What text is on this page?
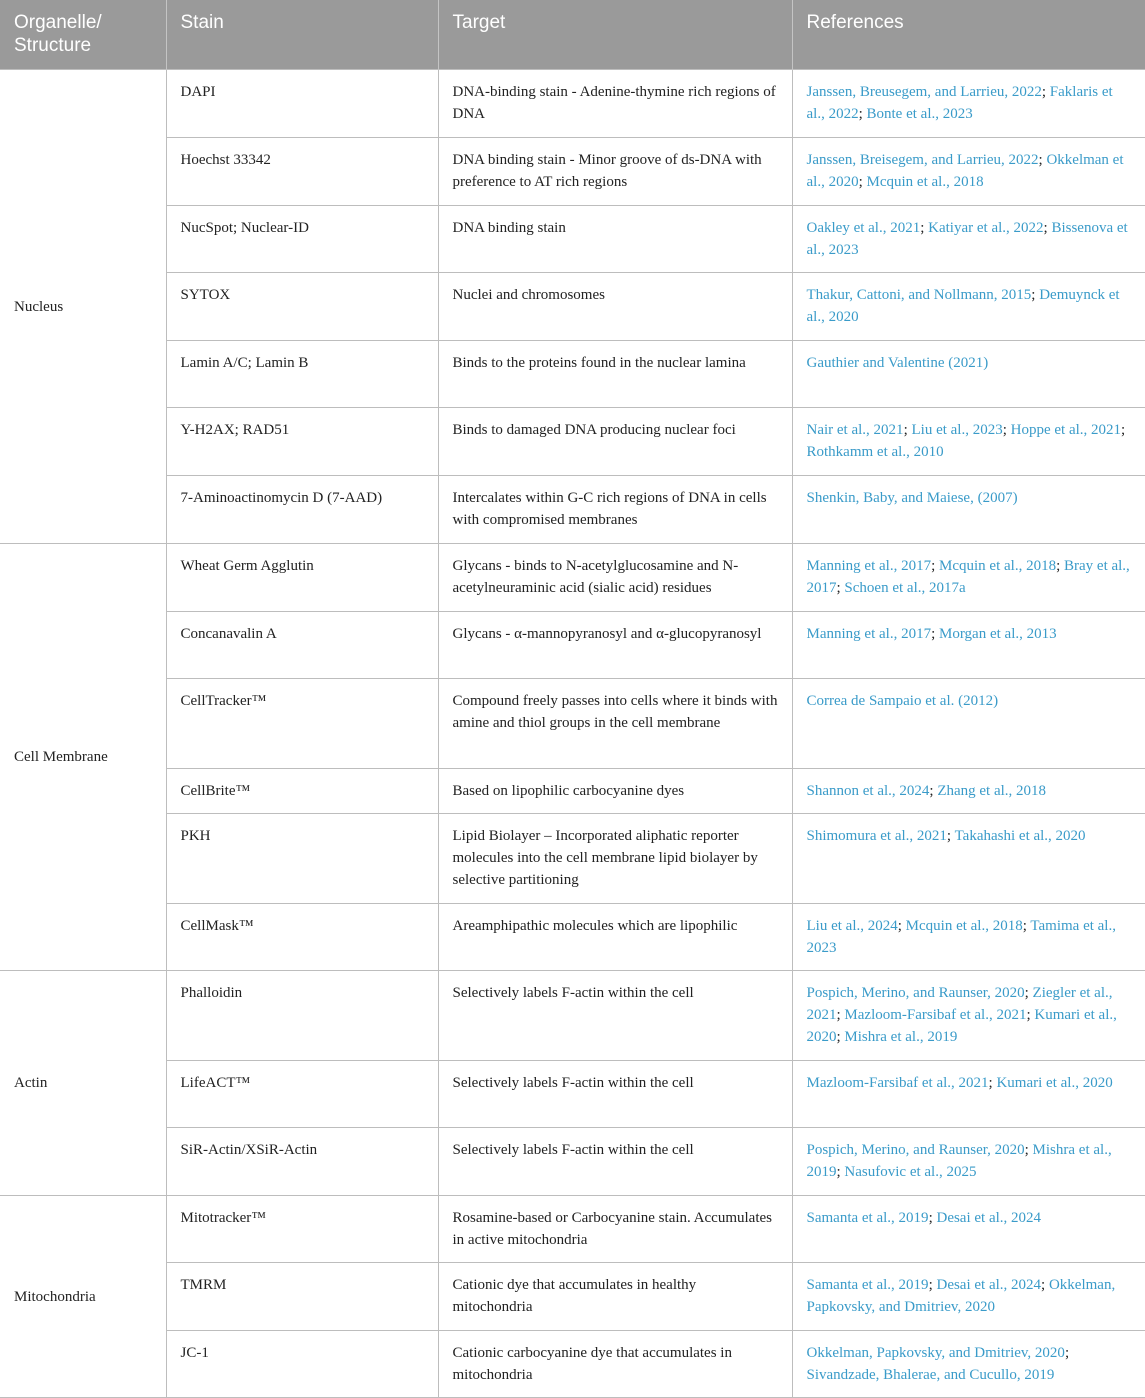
Organelle/
Structure	Stain	Target	References
Nucleus	DAPI	DNA-binding stain - Adenine-thymine rich regions of DNA	Janssen, Breusegem, and Larrieu, 2022; Faklaris et al., 2022; Bonte et al., 2023
	Hoechst 33342	DNA binding stain - Minor groove of ds-DNA with preference to AT rich regions	Janssen, Breisegem, and Larrieu, 2022; Okkelman et al., 2020; Mcquin et al., 2018
	NucSpot; Nuclear-ID	DNA binding stain	Oakley et al., 2021; Katiyar et al., 2022; Bissenova et al., 2023
	SYTOX	Nuclei and chromosomes	Thakur, Cattoni, and Nollmann, 2015; Demuynck et al., 2020
	Lamin A/C; Lamin B	Binds to the proteins found in the nuclear lamina	Gauthier and Valentine (2021)
	Y-H2AX; RAD51	Binds to damaged DNA producing nuclear foci	Nair et al., 2021; Liu et al., 2023; Hoppe et al., 2021; Rothkamm et al., 2010
	7-Aminoactinomycin D (7-AAD)	Intercalates within G-C rich regions of DNA in cells with compromised membranes	Shenkin, Baby, and Maiese, (2007)
Cell Membrane	Wheat Germ Agglutin	Glycans - binds to N-acetylglucosamine and N-acetylneuraminic acid (sialic acid) residues	Manning et al., 2017; Mcquin et al., 2018; Bray et al., 2017; Schoen et al., 2017a
	Concanavalin A	Glycans - α-mannopyranosyl and α-glucopyranosyl	Manning et al., 2017; Morgan et al., 2013
	CellTracker™	Compound freely passes into cells where it binds with amine and thiol groups in the cell membrane	Correa de Sampaio et al. (2012)
	CellBrite™	Based on lipophilic carbocyanine dyes	Shannon et al., 2024; Zhang et al., 2018
	PKH	Lipid Biolayer – Incorporated aliphatic reporter molecules into the cell membrane lipid biolayer by selective partitioning	Shimomura et al., 2021; Takahashi et al., 2020
	CellMask™	Areamphipathic molecules which are lipophilic	Liu et al., 2024; Mcquin et al., 2018; Tamima et al., 2023
Actin	Phalloidin	Selectively labels F-actin within the cell	Pospich, Merino, and Raunser, 2020; Ziegler et al., 2021; Mazloom-Farsibaf et al., 2021; Kumari et al., 2020; Mishra et al., 2019
	LifeACT™	Selectively labels F-actin within the cell	Mazloom-Farsibaf et al., 2021; Kumari et al., 2020
	SiR-Actin/XSiR-Actin	Selectively labels F-actin within the cell	Pospich, Merino, and Raunser, 2020; Mishra et al., 2019; Nasufovic et al., 2025
Mitochondria	Mitotracker™	Rosamine-based or Carbocyanine stain. Accumulates in active mitochondria	Samanta et al., 2019; Desai et al., 2024
	TMRM	Cationic dye that accumulates in healthy mitochondria	Samanta et al., 2019; Desai et al., 2024; Okkelman, Papkovsky, and Dmitriev, 2020
	JC-1	Cationic carbocyanine dye that accumulates in mitochondria	Okkelman, Papkovsky, and Dmitriev, 2020; Sivandzade, Bhalerae, and Cucullo, 2019
